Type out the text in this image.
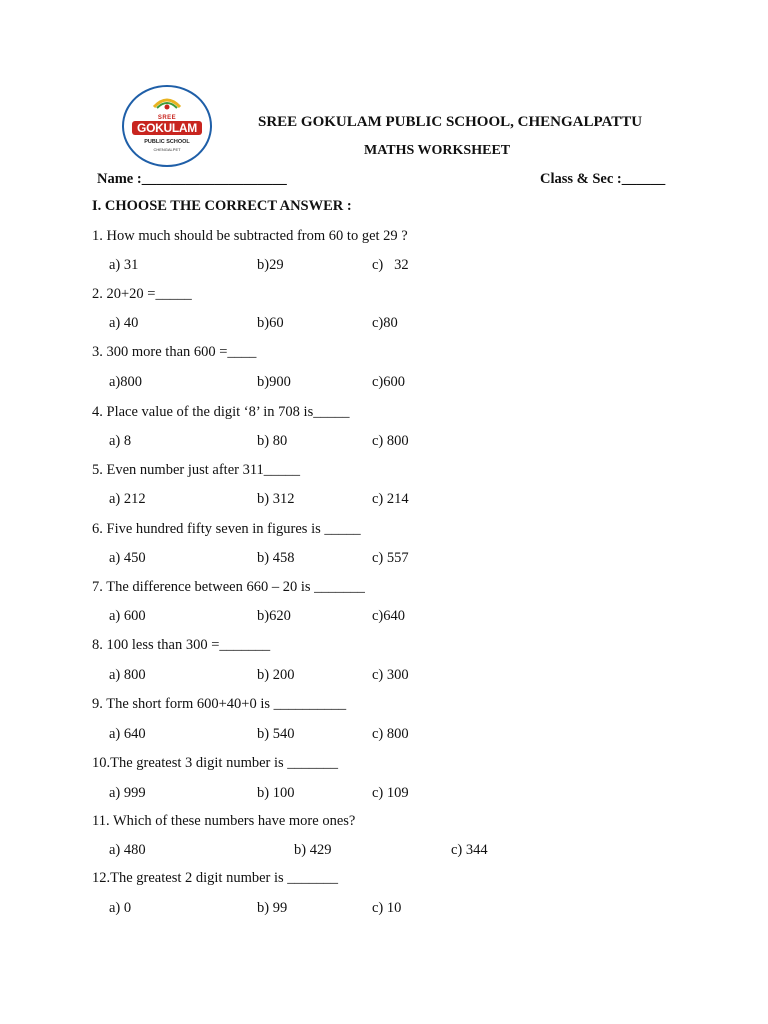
SREE
GOKULAM
PUBLIC SCHOOL
CHENGALPET
SREE GOKULAM PUBLIC SCHOOL, CHENGALPATTU
MATHS WORKSHEET
Name :____________________	Class & Sec :______
I. CHOOSE THE CORRECT ANSWER :
1. How much should be subtracted from 60 to get 29 ?
a) 31	b)29	c)   32
2. 20+20 =_____
a) 40	b)60	c)80
3. 300 more than 600 =____
a)800	b)900	c)600
4. Place value of the digit ‘8’ in 708 is_____
a) 8	b) 80	c) 800
5. Even number just after 311_____
a) 212	b) 312	c) 214
6. Five hundred fifty seven in figures is _____
a) 450	b) 458	c) 557
7. The difference between 660 – 20 is _______
a) 600	b)620	c)640
8. 100 less than 300 =_______
a) 800	b) 200	c) 300
9. The short form 600+40+0 is __________
a) 640	b) 540	c) 800
10.The greatest 3 digit number is _______
a) 999	b) 100	c) 109
11. Which of these numbers have more ones?
a) 480	b) 429	c) 344
12.The greatest 2 digit number is _______
a) 0	b) 99	c) 10
